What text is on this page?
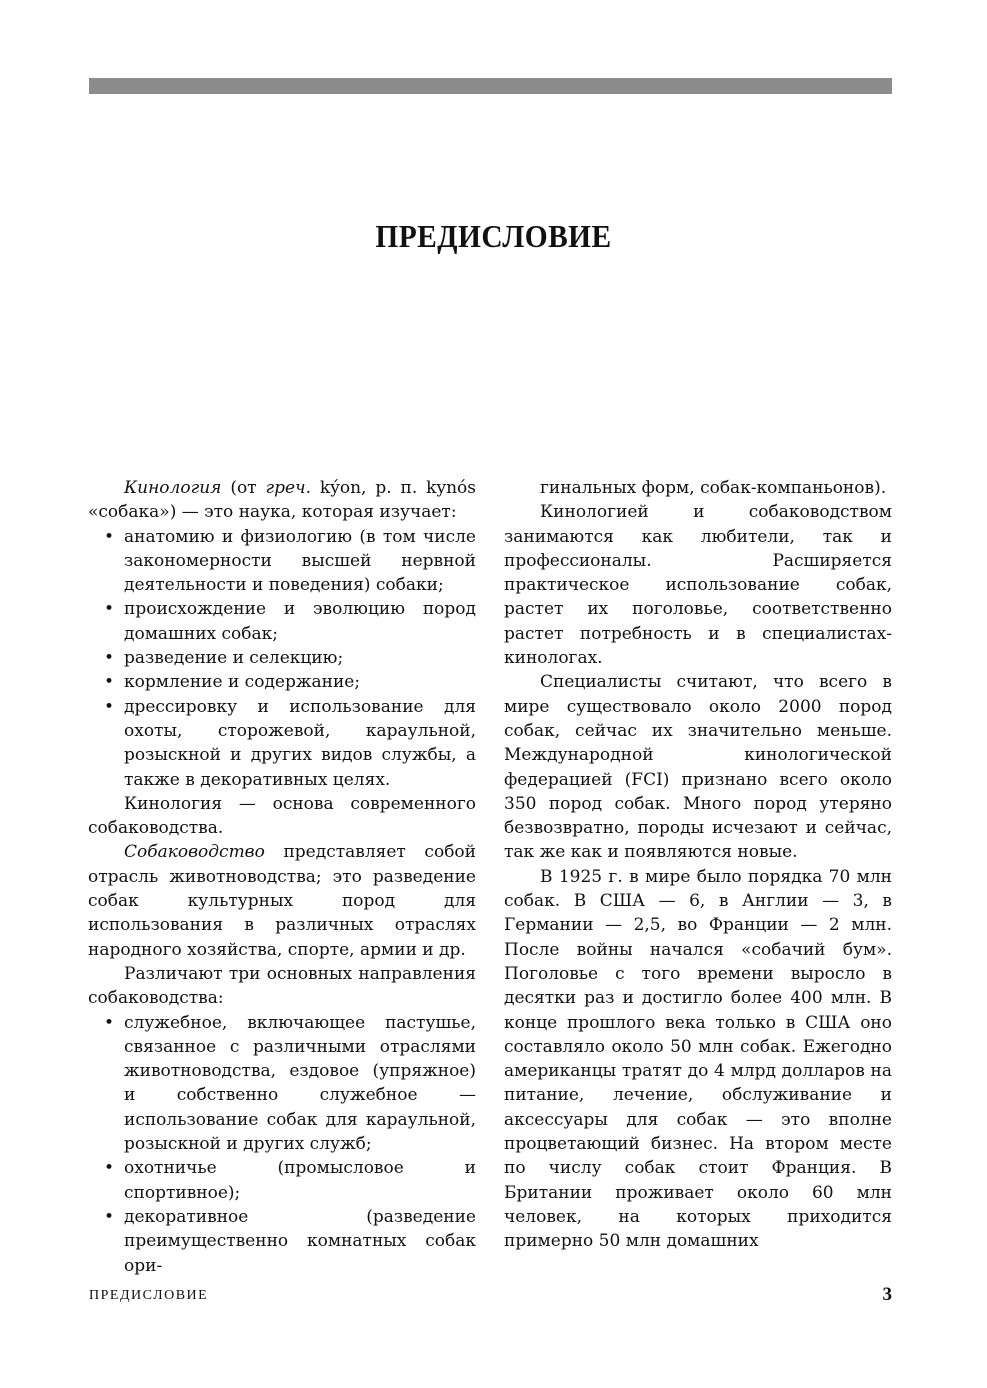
ПРЕДИСЛОВИЕ

Кинология (от греч. kýon, р. п. kynós «собака») — это наука, которая изучает:

• анатомию и физиологию (в том числе закономерности высшей нервной деятельности и поведения) собаки;
• происхождение и эволюцию пород домашних собак;
• разведение и селекцию;
• кормление и содержание;
• дрессировку и использование для охоты, сторожевой, караульной, розыскной и других видов службы, а также в декоративных целях.

Кинология — основа современного собаководства.

Собаководство представляет собой отрасль животноводства; это разведение собак культурных пород для использования в различных отраслях народного хозяйства, спорте, армии и др.

Различают три основных направления собаководства:

• служебное, включающее пастушье, связанное с различными отраслями животноводства, ездовое (упряжное) и собственно служебное — использование собак для караульной, розыскной и других служб;
• охотничье (промысловое и спортивное);
• декоративное (разведение преимущественно комнатных собак ори-

гинальных форм, собак-компаньонов).

Кинологией и собаководством занимаются как любители, так и профессионалы. Расширяется практическое использование собак, растет их поголовье, соответственно растет потребность и в специалистах-кинологах.

Специалисты считают, что всего в мире существовало около 2000 пород собак, сейчас их значительно меньше. Международной кинологической федерацией (FCI) признано всего около 350 пород собак. Много пород утеряно безвозвратно, породы исчезают и сейчас, так же как и появляются новые.

В 1925 г. в мире было порядка 70 млн собак. В США — 6, в Англии — 3, в Германии — 2,5, во Франции — 2 млн. После войны начался «собачий бум». Поголовье с того времени выросло в десятки раз и достигло более 400 млн. В конце прошлого века только в США оно составляло около 50 млн собак. Ежегодно американцы тратят до 4 млрд долларов на питание, лечение, обслуживание и аксессуары для собак — это вполне процветающий бизнес. На втором месте по числу собак стоит Франция. В Британии проживает около 60 млн человек, на которых приходится примерно 50 млн домашних

ПРЕДИСЛОВИЕ	3
